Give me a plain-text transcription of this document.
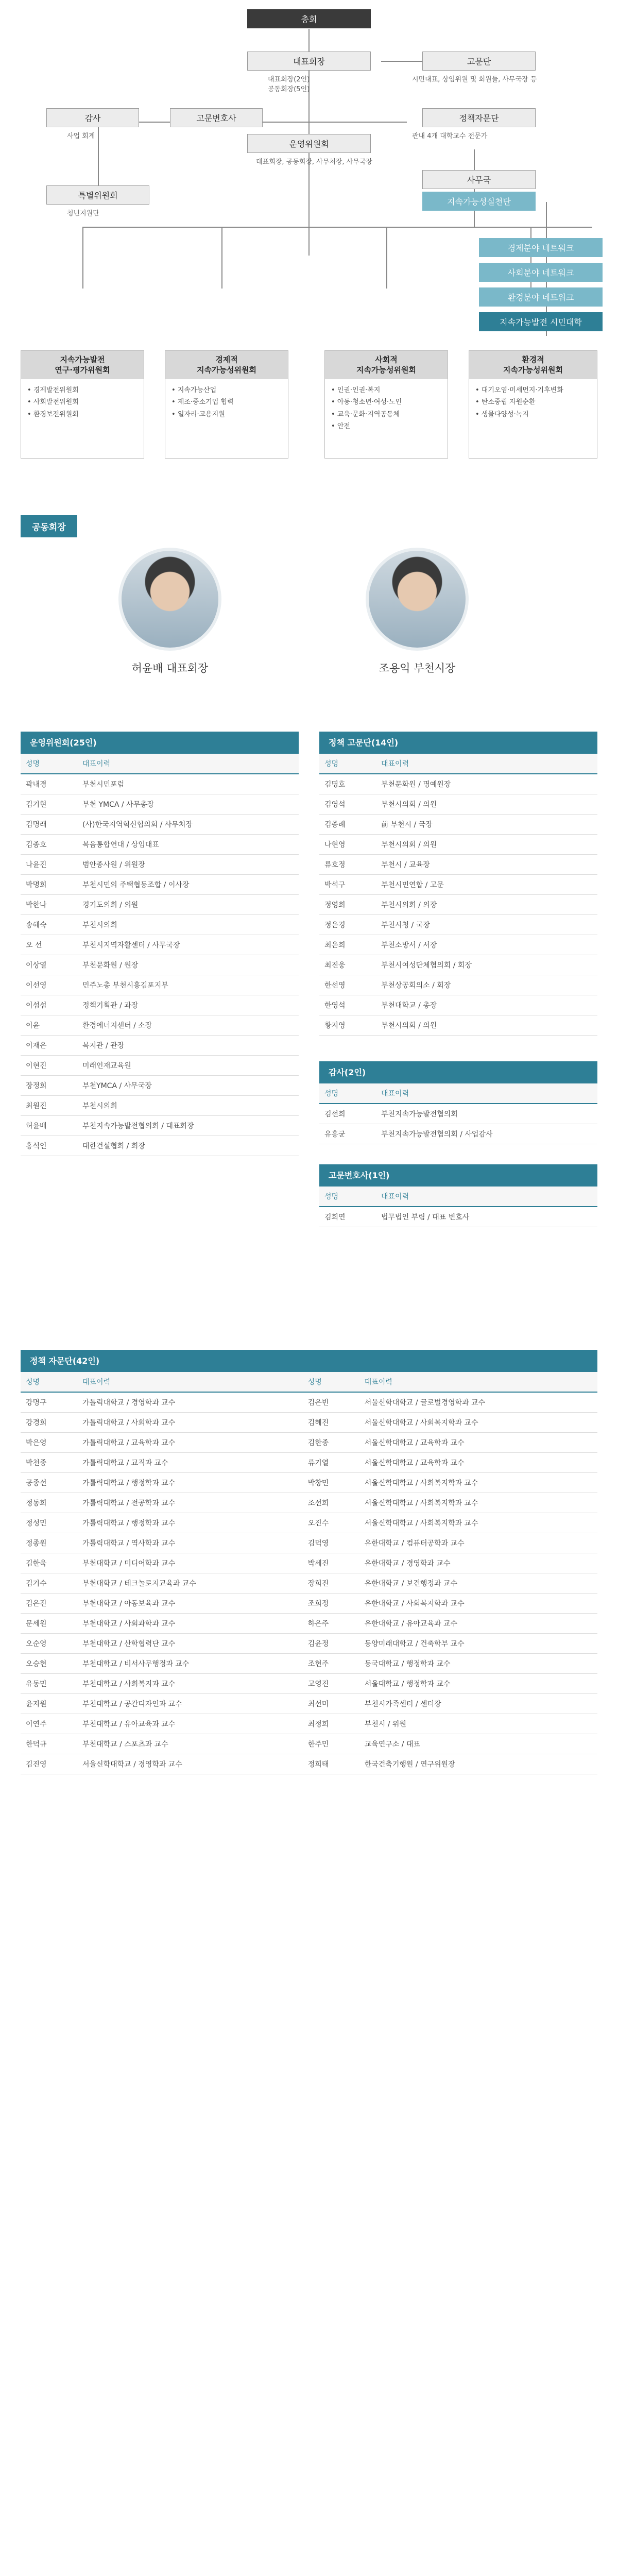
총회
대표회장
대표회장(2인)
공동회장(5인)
고문단
시민대표, 상임위원 및 회원들, 사무국장 등
감사
사업 회계
고문변호사	정책자문단
관내 4개 대학교수 전문가
운영위원회
대표회장, 공동회장, 사무처장, 사무국장
사무국
지속가능성실천단
특별위원회
청년지원단
경제분야 네트워크
사회분야 네트워크
환경분야 네트워크
지속가능발전 시민대학
지속가능발전
연구·평가위원회
• 경제발전위원회
• 사회발전위원회
• 환경보전위원회
경제적
지속가능성위원회
• 지속가능산업
• 제조·중소기업 협력
• 일자리·고용지원
사회적
지속가능성위원회
• 인권·인권·복지
• 아동·청소년·여성·노인
• 교육·문화·지역공동체
• 안전
환경적
지속가능성위원회
• 대기오염·미세먼지·기후변화
• 탄소중립 자원순환
• 생물다양성·녹지
공동회장
허윤배 대표회장	조용익 부천시장
운영위원회(25인)
성명	대표이력
곽내경	부천시민포럼
김기현	부천 YMCA / 사무총장
김명래	(사)한국지역혁신협의회 / 사무처장
김종호	복음통합연대 / 상임대표
나윤진	범안종사원 / 위원장
박명희	부천시민의 주택협동조합 / 이사장
박한나	경기도의회 / 의원
송혜숙	부천시의회
오 선	부천시지역자활센터 / 사무국장
이상열	부천문화원 / 원장
이선영	민주노총 부천시흥김포지부
이섬섬	정책기획관 / 과장
이윤	환경에너지센터 / 소장
이재은	복지관 / 관장
이현진	미래인재교육원
장정희	부천YMCA / 사무국장
최원진	부천시의회
허윤배	부천지속가능발전협의회 / 대표회장
홍석인	대한건설협회 / 회장
정책 고문단(14인)
성명	대표이력
김명호	부천문화원 / 명예원장
김영석	부천시의회 / 의원
김종례	前 부천시 / 국장
나현영	부천시의회 / 의원
류호정	부천시 / 교육장
박석구	부천시민연합 / 고문
정영희	부천시의회 / 의장
정은경	부천시청 / 국장
최은희	부천소방서 / 서장
최진웅	부천시여성단체협의회 / 회장
한선영	부천상공회의소 / 회장
한영석	부천대학교 / 총장
황지영	부천시의회 / 의원
감사(2인)
성명	대표이력
김선희	부천지속가능발전협의회
유홍균	부천지속가능발전협의회 / 사업감사
고문변호사(1인)
성명	대표이력
김희연	법무법인 부림 / 대표 변호사
정책 자문단(42인)
성명	대표이력	성명	대표이력
강명구	가톨릭대학교 / 경영학과 교수	김은빈	서울신학대학교 / 글로벌경영학과 교수
강경희	가톨릭대학교 / 사회학과 교수	김혜진	서울신학대학교 / 사회복지학과 교수
박은영	가톨릭대학교 / 교육학과 교수	김한종	서울신학대학교 / 교육학과 교수
박천종	가톨릭대학교 / 교직과 교수	류기열	서울신학대학교 / 교육학과 교수
공종선	가톨릭대학교 / 행정학과 교수	박창민	서울신학대학교 / 사회복지학과 교수
정동희	가톨릭대학교 / 전공학과 교수	조선희	서울신학대학교 / 사회복지학과 교수
정성민	가톨릭대학교 / 행정학과 교수	오진수	서울신학대학교 / 사회복지학과 교수
정종원	가톨릭대학교 / 역사학과 교수	김덕영	유한대학교 / 컴퓨터공학과 교수
김한욱	부천대학교 / 미디어학과 교수	박세진	유한대학교 / 경영학과 교수
김기수	부천대학교 / 테크놀로지교육과 교수	장희진	유한대학교 / 보건행정과 교수
김은진	부천대학교 / 아동보육과 교수	조희정	유한대학교 / 사회복지학과 교수
문세원	부천대학교 / 사회과학과 교수	하은주	유한대학교 / 유아교육과 교수
오순영	부천대학교 / 산학협력단 교수	김윤정	동양미래대학교 / 건축학부 교수
오승현	부천대학교 / 비서사무행정과 교수	조현주	동국대학교 / 행정학과 교수
유동민	부천대학교 / 사회복지과 교수	고영진	서울대학교 / 행정학과 교수
윤지원	부천대학교 / 공간디자인과 교수	최선미	부천시가족센터 / 센터장
이연주	부천대학교 / 유아교육과 교수	최정희	부천시 / 위원
한덕규	부천대학교 / 스포츠과 교수	한주민	교육연구소 / 대표
김진영	서울신학대학교 / 경영학과 교수	정희태	한국건축기행원 / 연구위원장
